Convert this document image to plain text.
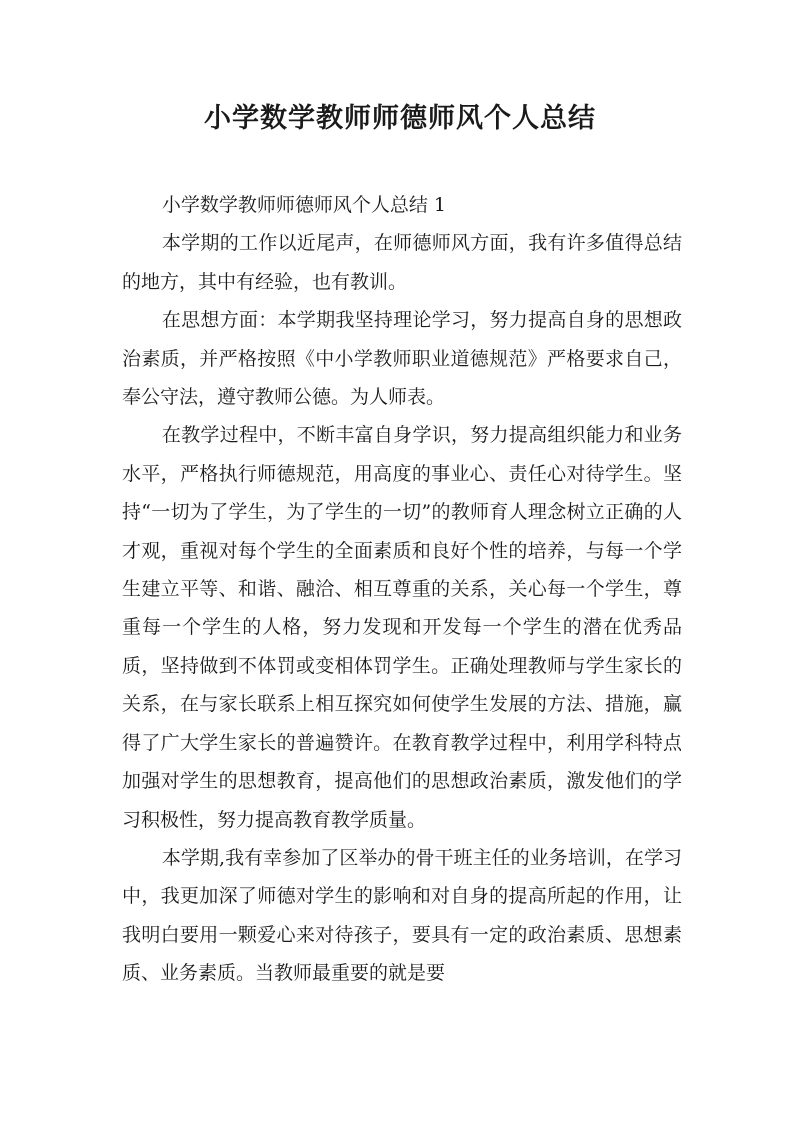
小学数学教师师德师风个人总结

小学数学教师师德师风个人总结 1

本学期的工作以近尾声，在师德师风方面，我有许多值得总结的地方，其中有经验，也有教训。

在思想方面：本学期我坚持理论学习，努力提高自身的思想政治素质，并严格按照《中小学教师职业道德规范》严格要求自己，奉公守法，遵守教师公德。为人师表。

在教学过程中，不断丰富自身学识，努力提高组织能力和业务水平，严格执行师德规范，用高度的事业心、责任心对待学生。坚持“一切为了学生，为了学生的一切”的教师育人理念树立正确的人才观，重视对每个学生的全面素质和良好个性的培养，与每一个学生建立平等、和谐、融洽、相互尊重的关系，关心每一个学生，尊重每一个学生的人格，努力发现和开发每一个学生的潜在优秀品质，坚持做到不体罚或变相体罚学生。正确处理教师与学生家长的关系，在与家长联系上相互探究如何使学生发展的方法、措施，赢得了广大学生家长的普遍赞许。在教育教学过程中，利用学科特点加强对学生的思想教育，提高他们的思想政治素质，激发他们的学习积极性，努力提高教育教学质量。

本学期,我有幸参加了区举办的骨干班主任的业务培训，在学习中，我更加深了师德对学生的影响和对自身的提高所起的作用，让我明白要用一颗爱心来对待孩子，要具有一定的政治素质、思想素质、业务素质。当教师最重要的就是要
